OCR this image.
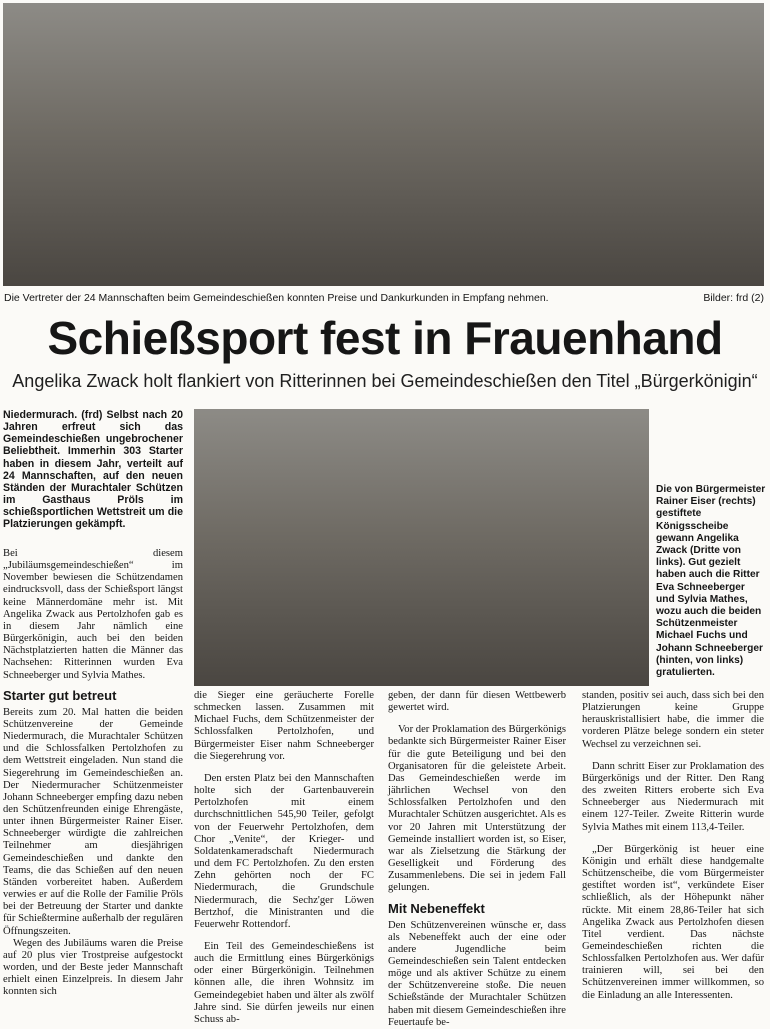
Die Vertreter der 24 Mannschaften beim Gemeindeschießen konnten Preise und Dankurkunden in Empfang nehmen.	Bilder: frd (2)
Schießsport fest in Frauenhand
Angelika Zwack holt flankiert von Ritterinnen bei Gemeindeschießen den Titel „Bürgerkönigin“
Niedermurach. (frd) Selbst nach 20 Jahren erfreut sich das Gemeindeschießen ungebrochener Beliebtheit. Immerhin 303 Starter haben in diesem Jahr, verteilt auf 24 Mannschaften, auf den neuen Ständen der Murachtaler Schützen im Gasthaus Pröls im schießsportlichen Wettstreit um die Platzierungen gekämpft.

Bei diesem „Jubiläumsgemeindeschießen“ im November bewiesen die Schützendamen eindrucksvoll, dass der Schießsport längst keine Männerdomäne mehr ist. Mit Angelika Zwack aus Pertolzhofen gab es in diesem Jahr nämlich eine Bürgerkönigin, auch bei den beiden Nächstplatzierten hatten die Männer das Nachsehen: Ritterinnen wurden Eva Schneeberger und Sylvia Mathes.

Starter gut betreut

Bereits zum 20. Mal hatten die beiden Schützenvereine der Gemeinde Niedermurach, die Murachtaler Schützen und die Schlossfalken Pertolzhofen zu dem Wettstreit eingeladen. Nun stand die Siegerehrung im Gemeindeschießen an. Der Niedermuracher Schützenmeister Johann Schneeberger empfing dazu neben den Schützenfreunden einige Ehrengäste, unter ihnen Bürgermeister Rainer Eiser. Schneeberger würdigte die zahlreichen Teilnehmer am diesjährigen Gemeindeschießen und dankte den Teams, die das Schießen auf den neuen Ständen vorbereitet haben. Außerdem verwies er auf die Rolle der Familie Pröls bei der Betreuung der Starter und dankte für Schießtermine außerhalb der regulären Öffnungszeiten.

Wegen des Jubiläums waren die Preise auf 20 plus vier Trostpreise aufgestockt worden, und der Beste jeder Mannschaft erhielt einen Einzelpreis. In diesem Jahr konnten sich

Die von Bürgermeister Rainer Eiser (rechts) gestiftete Königsscheibe gewann Angelika Zwack (Dritte von links). Gut gezielt haben auch die Ritter Eva Schneeberger und Sylvia Mathes, wozu auch die beiden Schützenmeister Michael Fuchs und Johann Schneeberger (hinten, von links) gratulierten.

die Sieger eine geräucherte Forelle schmecken lassen. Zusammen mit Michael Fuchs, dem Schützenmeister der Schlossfalken Pertolzhofen, und Bürgermeister Eiser nahm Schneeberger die Siegerehrung vor.

Den ersten Platz bei den Mannschaften holte sich der Gartenbauverein Pertolzhofen mit einem durchschnittlichen 545,90 Teiler, gefolgt von der Feuerwehr Pertolzhofen, dem Chor „Venite“, der Krieger- und Soldatenkameradschaft Niedermurach und dem FC Pertolzhofen. Zu den ersten Zehn gehörten noch der FC Niedermurach, die Grundschule Niedermurach, die Sechz'ger Löwen Bertzhof, die Ministranten und die Feuerwehr Rottendorf.

Ein Teil des Gemeindeschießens ist auch die Ermittlung eines Bürgerkönigs oder einer Bürgerkönigin. Teilnehmen können alle, die ihren Wohnsitz im Gemeindegebiet haben und älter als zwölf Jahre sind. Sie dürfen jeweils nur einen Schuss ab-

geben, der dann für diesen Wettbewerb gewertet wird.

Vor der Proklamation des Bürgerkönigs bedankte sich Bürgermeister Rainer Eiser für die gute Beteiligung und bei den Organisatoren für die geleistete Arbeit. Das Gemeindeschießen werde im jährlichen Wechsel von den Schlossfalken Pertolzhofen und den Murachtaler Schützen ausgerichtet. Als es vor 20 Jahren mit Unterstützung der Gemeinde installiert worden ist, so Eiser, war als Zielsetzung die Stärkung der Geselligkeit und Förderung des Zusammenlebens. Die sei in jedem Fall gelungen.

Mit Nebeneffekt

Den Schützenvereinen wünsche er, dass als Nebeneffekt auch der eine oder andere Jugendliche beim Gemeindeschießen sein Talent entdecken möge und als aktiver Schütze zu einem der Schützenvereine stoße. Die neuen Schießstände der Murachtaler Schützen haben mit diesem Gemeindeschießen ihre Feuertaufe be-

standen, positiv sei auch, dass sich bei den Platzierungen keine Gruppe herauskristallisiert habe, die immer die vorderen Plätze belege sondern ein steter Wechsel zu verzeichnen sei.

Dann schritt Eiser zur Proklamation des Bürgerkönigs und der Ritter. Den Rang des zweiten Ritters eroberte sich Eva Schneeberger aus Niedermurach mit einem 127-Teiler. Zweite Ritterin wurde Sylvia Mathes mit einem 113,4-Teiler.

„Der Bürgerkönig ist heuer eine Königin und erhält diese handgemalte Schützenscheibe, die vom Bürgermeister gestiftet worden ist“, verkündete Eiser schließlich, als der Höhepunkt näher rückte. Mit einem 28,86-Teiler hat sich Angelika Zwack aus Pertolzhofen diesen Titel verdient. Das nächste Gemeindeschießen richten die Schlossfalken Pertolzhofen aus. Wer dafür trainieren will, sei bei den Schützenvereinen immer willkommen, so die Einladung an alle Interessenten.
